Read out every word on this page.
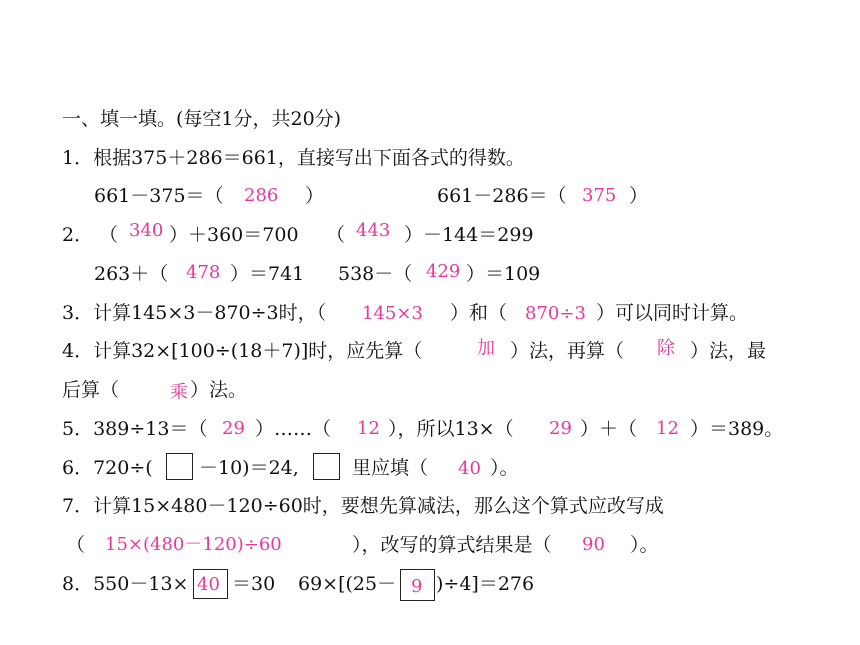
一、填一填。(每空1分，共20分)
1．根据375＋286＝661，直接写出下面各式的得数。
661－375＝（ 286 ）	661－286＝（ 375 ）
2． （ 340 ）＋360＝700 （ 443 ）－144＝299
263＋（ 478 ）＝741 538－（ 429 ）＝109
3．计算145×3－870÷3时，（ 145×3 ）和（ 870÷3 ）可以同时计算。
4．计算32×[100÷(18＋7)]时，应先算（	加 ）法，再算（ 除 ）法，最
后算（	乘 ）法。
5．389÷13＝（ 29 ）……（ 12 ），所以13×（ 29 ）＋（ 12 ）＝389。
6．720÷( －10)＝24,	里应填（ 40 ）。
7．计算15×480－120÷60时，要想先算减法，那么这个算式应改写成
（ 15×(480－120)÷60	），改写的算式结果是（ 90 ）。
8．550－13× 40 ＝30 69×[(25－ 9 )÷4]＝276
